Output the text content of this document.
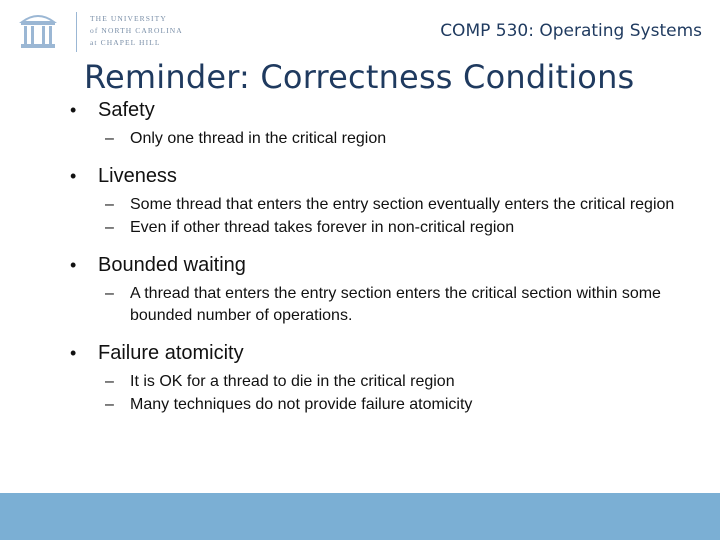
THE UNIVERSITY
of NORTH CAROLINA
at CHAPEL HILL
COMP 530: Operating Systems
Reminder: Correctness Conditions
• Safety
– Only one thread in the critical region
• Liveness
– Some thread that enters the entry section eventually enters the critical region
– Even if other thread takes forever in non-critical region
• Bounded waiting
– A thread that enters the entry section enters the critical section within some bounded number of operations.
• Failure atomicity
– It is OK for a thread to die in the critical region
– Many techniques do not provide failure atomicity
